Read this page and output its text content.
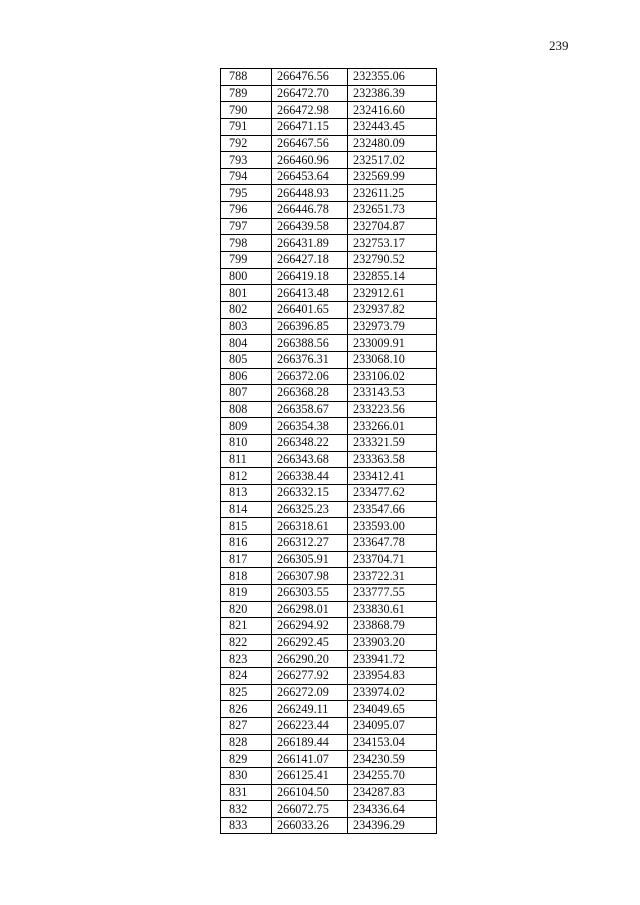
239
788	266476.56	232355.06
789	266472.70	232386.39
790	266472.98	232416.60
791	266471.15	232443.45
792	266467.56	232480.09
793	266460.96	232517.02
794	266453.64	232569.99
795	266448.93	232611.25
796	266446.78	232651.73
797	266439.58	232704.87
798	266431.89	232753.17
799	266427.18	232790.52
800	266419.18	232855.14
801	266413.48	232912.61
802	266401.65	232937.82
803	266396.85	232973.79
804	266388.56	233009.91
805	266376.31	233068.10
806	266372.06	233106.02
807	266368.28	233143.53
808	266358.67	233223.56
809	266354.38	233266.01
810	266348.22	233321.59
811	266343.68	233363.58
812	266338.44	233412.41
813	266332.15	233477.62
814	266325.23	233547.66
815	266318.61	233593.00
816	266312.27	233647.78
817	266305.91	233704.71
818	266307.98	233722.31
819	266303.55	233777.55
820	266298.01	233830.61
821	266294.92	233868.79
822	266292.45	233903.20
823	266290.20	233941.72
824	266277.92	233954.83
825	266272.09	233974.02
826	266249.11	234049.65
827	266223.44	234095.07
828	266189.44	234153.04
829	266141.07	234230.59
830	266125.41	234255.70
831	266104.50	234287.83
832	266072.75	234336.64
833	266033.26	234396.29
